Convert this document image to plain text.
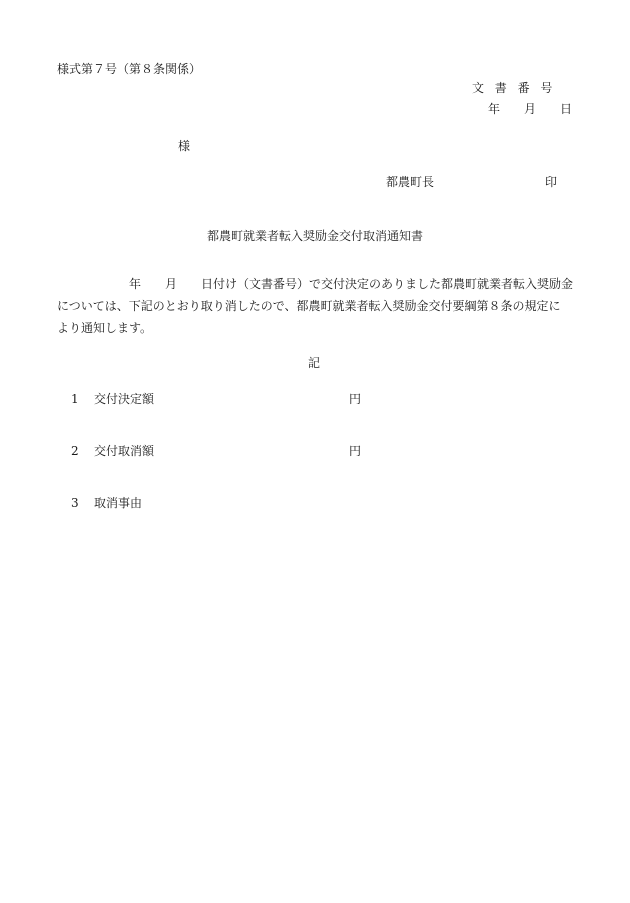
様式第７号（第８条関係）
文書番号
年　　月　　日
様
都農町長	印
都農町就業者転入奨励金交付取消通知書
　　　　　　年　　月　　日付け（文書番号）で交付決定のありました都農町就業者転入奨励金
については、下記のとおり取り消したので、都農町就業者転入奨励金交付要綱第８条の規定に
より通知します。
記
1 交付決定額	円
2 交付取消額	円
3 取消事由
